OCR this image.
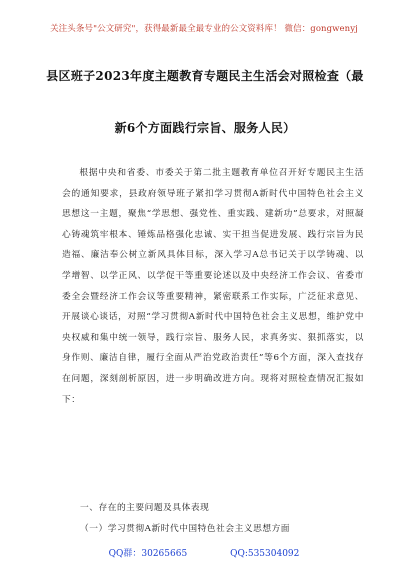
关注头条号"公文研究"，获得最新最全最专业的公文资料库！ 微信：gongwenyj
县区班子2023年度主题教育专题民主生活会对照检查（最
新6个方面践行宗旨、服务人民）
根据中央和省委、市委关于第二批主题教育单位召开好专题民主生活会的通知要求，县政府领导班子紧扣学习贯彻A新时代中国特色社会主义思想这一主题，聚焦“学思想、强党性、重实践、建新功”总要求，对照凝心铸魂筑牢根本、锤炼品格强化忠诚、实干担当促进发展、践行宗旨为民造福、廉洁奉公树立新风具体目标，深入学习A总书记关于以学铸魂、以学增智、以学正风、以学促干等重要论述以及中央经济工作会议、省委市委全会暨经济工作会议等重要精神，紧密联系工作实际，广泛征求意见、开展谈心谈话，对照“学习贯彻A新时代中国特色社会主义思想，维护党中央权威和集中统一领导，践行宗旨、服务人民，求真务实、狠抓落实，以身作则、廉洁自律，履行全面从严治党政治责任”等6个方面，深入查找存在问题，深刻剖析原因，进一步明确改进方向。现将对照检查情况汇报如下：
一、存在的主要问题及具体表现
（一）学习贯彻A新时代中国特色社会主义思想方面
QQ群：30265665	QQ:535304092
